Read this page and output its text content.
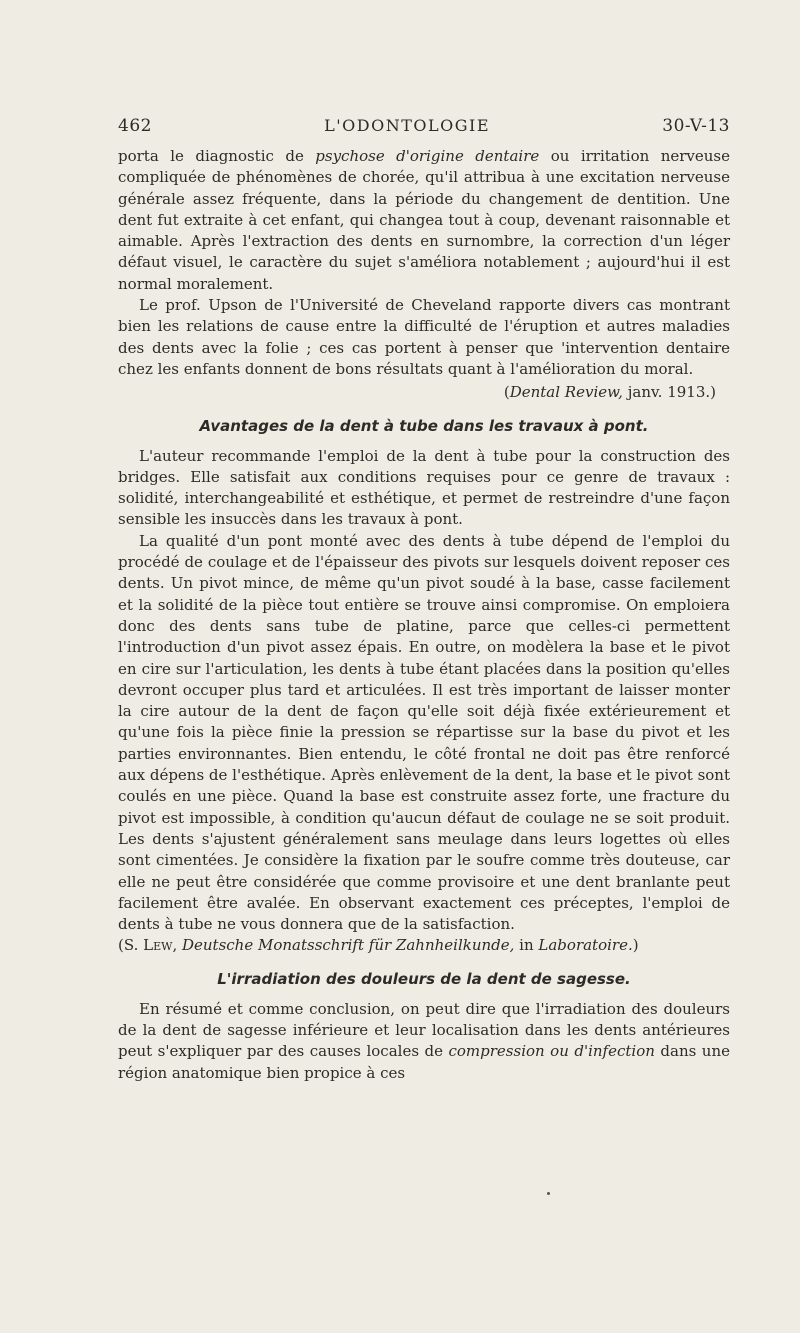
462	L'ODONTOLOGIE	30-V-13

porta le diagnostic de psychose d'origine dentaire ou irritation nerveuse compliquée de phénomènes de chorée, qu'il attribua à une excitation nerveuse générale assez fréquente, dans la période du changement de dentition. Une dent fut extraite à cet enfant, qui changea tout à coup, devenant raisonnable et aimable. Après l'extraction des dents en surnombre, la correction d'un léger défaut visuel, le caractère du sujet s'améliora notablement ; aujourd'hui il est normal moralement.

Le prof. Upson de l'Université de Cheveland rapporte divers cas montrant bien les relations de cause entre la difficulté de l'éruption et autres maladies des dents avec la folie ; ces cas portent à penser que 'intervention dentaire chez les enfants donnent de bons résultats quant à l'amélioration du moral.

(Dental Review, janv. 1913.)
Avantages de la dent à tube dans les travaux à pont.

L'auteur recommande l'emploi de la dent à tube pour la construction des bridges. Elle satisfait aux conditions requises pour ce genre de travaux : solidité, interchangeabilité et esthétique, et permet de restreindre d'une façon sensible les insuccès dans les travaux à pont.

La qualité d'un pont monté avec des dents à tube dépend de l'emploi du procédé de coulage et de l'épaisseur des pivots sur lesquels doivent reposer ces dents. Un pivot mince, de même qu'un pivot soudé à la base, casse facilement et la solidité de la pièce tout entière se trouve ainsi compromise. On emploiera donc des dents sans tube de platine, parce que celles-ci permettent l'introduction d'un pivot assez épais. En outre, on modèlera la base et le pivot en cire sur l'articulation, les dents à tube étant placées dans la position qu'elles devront occuper plus tard et articulées. Il est très important de laisser monter la cire autour de la dent de façon qu'elle soit déjà fixée extérieurement et qu'une fois la pièce finie la pression se répartisse sur la base du pivot et les parties environnantes. Bien entendu, le côté frontal ne doit pas être renforcé aux dépens de l'esthétique. Après enlèvement de la dent, la base et le pivot sont coulés en une pièce. Quand la base est construite assez forte, une fracture du pivot est impossible, à condition qu'aucun défaut de coulage ne se soit produit. Les dents s'ajustent généralement sans meulage dans leurs logettes où elles sont cimentées. Je considère la fixation par le soufre comme très douteuse, car elle ne peut être considérée que comme provisoire et une dent branlante peut facilement être avalée. En observant exactement ces préceptes, l'emploi de dents à tube ne vous donnera que de la satisfaction.

(S. Lew, Deutsche Monatsschrift für Zahnheilkunde, in Laboratoire.)

L'irradiation des douleurs de la dent de sagesse.

En résumé et comme conclusion, on peut dire que l'irradiation des douleurs de la dent de sagesse inférieure et leur localisation dans les dents antérieures peut s'expliquer par des causes locales de compression ou d'infection dans une région anatomique bien propice à ces
